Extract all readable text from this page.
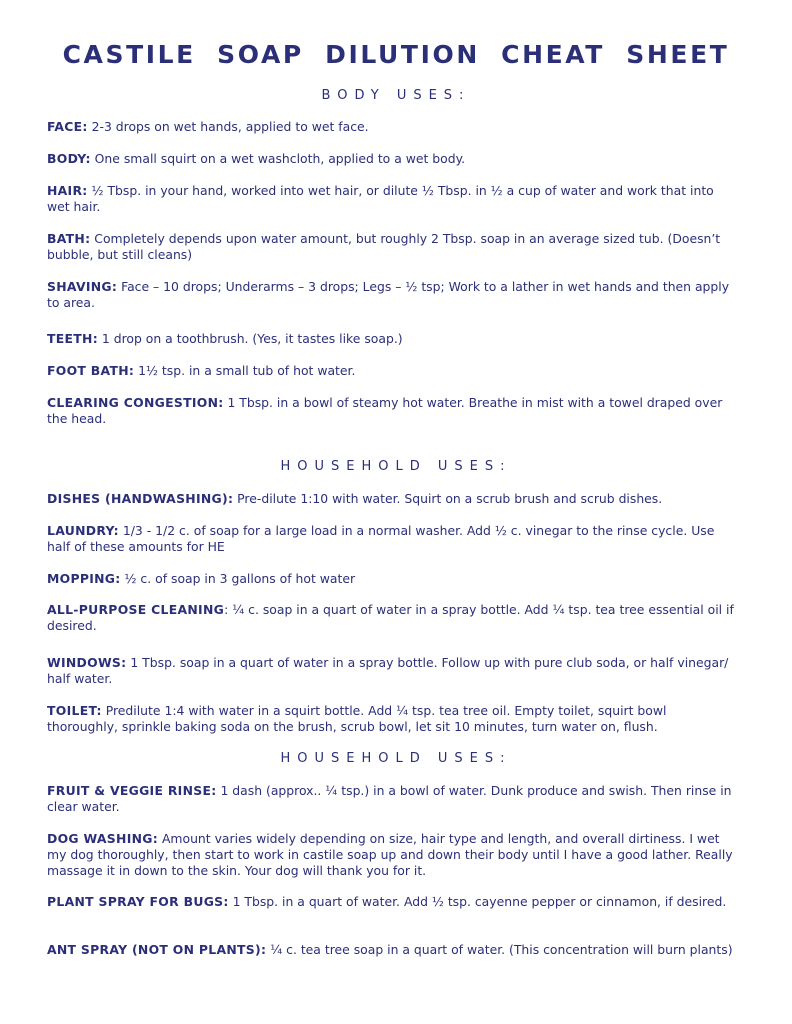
CASTILE SOAP DILUTION CHEAT SHEET
BODY USES:

FACE: 2-3 drops on wet hands, applied to wet face.

BODY: One small squirt on a wet washcloth, applied to a wet body.

HAIR: ½ Tbsp. in your hand, worked into wet hair, or dilute ½ Tbsp. in ½ a cup of water and work that into wet hair.

BATH: Completely depends upon water amount, but roughly 2 Tbsp. soap in an average sized tub. (Doesn’t bubble, but still cleans)

SHAVING: Face – 10 drops; Underarms – 3 drops; Legs – ½ tsp; Work to a lather in wet hands and then apply to area.

TEETH: 1 drop on a toothbrush. (Yes, it tastes like soap.)

FOOT BATH: 1½ tsp. in a small tub of hot water.

CLEARING CONGESTION: 1 Tbsp. in a bowl of steamy hot water. Breathe in mist with a towel draped over the head.

HOUSEHOLD USES:

DISHES (HANDWASHING): Pre-dilute 1:10 with water. Squirt on a scrub brush and scrub dishes.

LAUNDRY: 1/3 - 1/2 c. of soap for a large load in a normal washer. Add ½ c. vinegar to the rinse cycle. Use half of these amounts for HE

MOPPING: ½ c. of soap in 3 gallons of hot water

ALL-PURPOSE CLEANING: ¼ c. soap in a quart of water in a spray bottle. Add ¼ tsp. tea tree essential oil if desired.

WINDOWS: 1 Tbsp. soap in a quart of water in a spray bottle. Follow up with pure club soda, or half vinegar/ half water.

TOILET: Predilute 1:4 with water in a squirt bottle. Add ¼ tsp. tea tree oil. Empty toilet, squirt bowl thoroughly, sprinkle baking soda on the brush, scrub bowl, let sit 10 minutes, turn water on, flush.

HOUSEHOLD USES:

FRUIT & VEGGIE RINSE: 1 dash (approx.. ¼ tsp.) in a bowl of water. Dunk produce and swish. Then rinse in clear water.

DOG WASHING: Amount varies widely depending on size, hair type and length, and overall dirtiness. I wet my dog thoroughly, then start to work in castile soap up and down their body until I have a good lather. Really massage it in down to the skin. Your dog will thank you for it.

PLANT SPRAY FOR BUGS: 1 Tbsp. in a quart of water. Add ½ tsp. cayenne pepper or cinnamon, if desired.

ANT SPRAY (NOT ON PLANTS): ¼ c. tea tree soap in a quart of water. (This concentration will burn plants)
